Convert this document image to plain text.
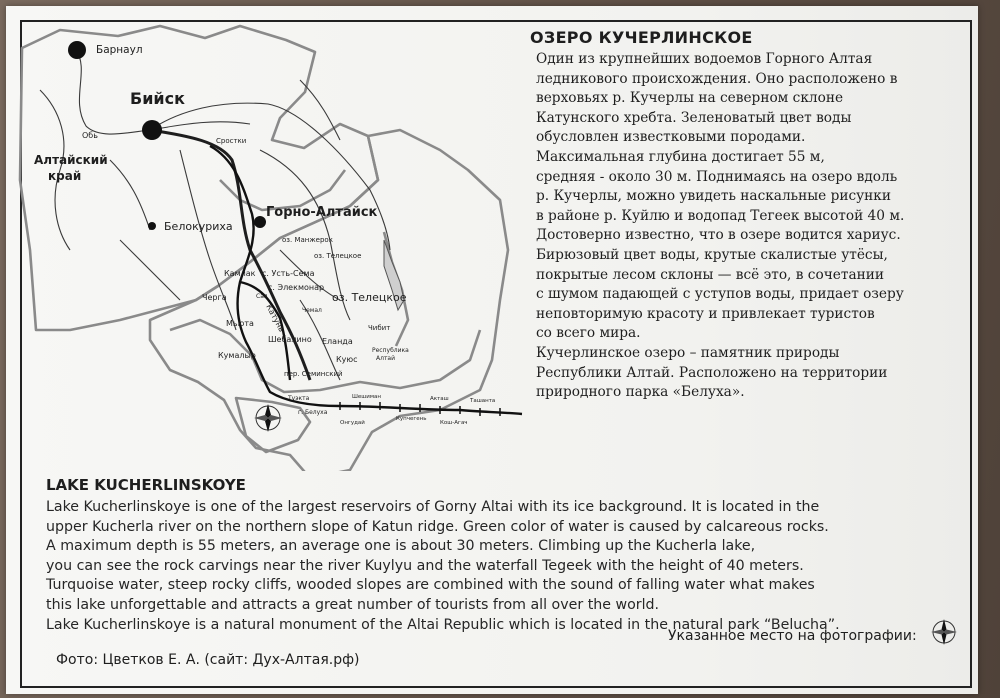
Барнаул
Бийск
Обь
Алтайский
край
Белокуриха
Горно-Алтайск
Сростки
оз. Манжерок
оз. Телецкое
Камлак с. Усть-Сема
с. Элекмонар
оз. Телецкое
Катунь
Черга
Чемал
Чибит
Мьюта
Шебалино Еланда
Республика
Алтай
Кумалыр	Куюс
пер. Семинский
Туэкта
г. Белуха
Шешиман	Акташ	Ташанта
Онгудай
Купчегень
Кош-Агач
Сая
ОЗЕРО КУЧЕРЛИНСКОЕ
Один из крупнейших водоемов Горного Алтая
ледникового происхождения. Оно расположено в
верховьях р. Кучерлы на северном склоне
Катунского хребта. Зеленоватый цвет воды
обусловлен известковыми породами.
Максимальная глубина достигает 55 м,
средняя - около 30 м. Поднимаясь на озеро вдоль
р. Кучерлы, можно увидеть наскальные рисунки
в районе р. Куйлю и водопад Тегеек высотой 40 м.
Достоверно известно, что в озере водится хариус.
Бирюзовый цвет воды, крутые скалистые утёсы,
покрытые лесом склоны — всё это, в сочетании
с шумом падающей с уступов воды, придает озеру
неповторимую красоту и привлекает туристов
со всего мира.
Кучерлинское озеро – памятник природы
Республики Алтай. Расположено на территории
природного парка «Белуха».
LAKE KUCHERLINSKOYE
Lake Kucherlinskoye is one of the largest reservoirs of Gorny Altai with its ice background. It is located in the
upper Kucherla river on the northern slope of Katun ridge. Green color of water is caused by calcareous rocks.
A maximum depth is 55 meters, an average one is about 30 meters. Climbing up the Kucherla lake,
you can see the rock carvings near the river Kuylyu and the waterfall Tegeek with the height of 40 meters.
Turquoise water, steep rocky cliffs, wooded slopes are combined with the sound of falling water what makes
this lake unforgettable and attracts a great number of tourists from all over the world.
Lake Kucherlinskoye is a natural monument of the Altai Republic which is located in the natural park “Belucha”.
Указанное место на фотографии:
Фото: Цветков Е. А. (сайт: Дух-Алтая.рф)
